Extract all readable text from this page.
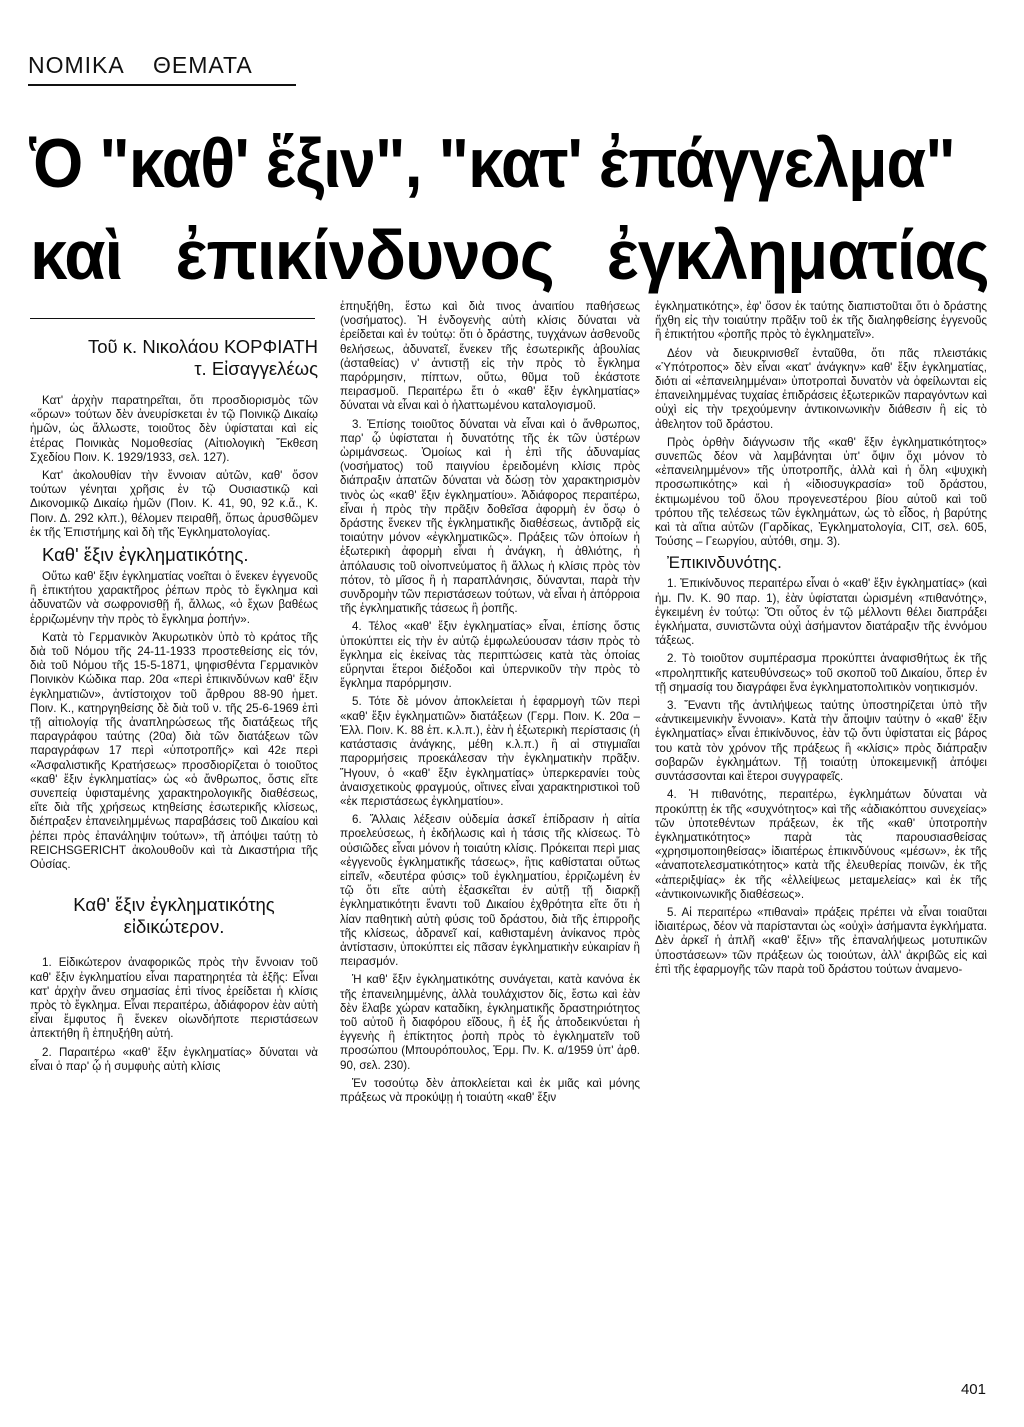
ΝΟΜΙΚΑ    ΘΕΜΑΤΑ
Ὁ "καθ' ἕξιν", "κατ' ἐπάγγελμα"
καὶ   ἐπικίνδυνος   ἐγκληματίας
Τοῦ κ. Νικολάου ΚΟΡΦΙΑΤΗ
τ. Εἰσαγγελέως

Κατ' ἀρχὴν παρατηρεῖται, ὅτι προσδιορισμὸς τῶν «ὅρων» τούτων δὲν ἀνευρίσκεται ἐν τῷ Ποινικῷ Δικαίῳ ἡμῶν, ὡς ἄλλωστε, τοιοῦτος δὲν ὑφίσταται καὶ εἰς ἑτέρας Ποινικὰς Νομοθεσίας (Αἰτιολογικὴ Ἔκθεση Σχεδίου Ποιν. Κ. 1929/1933, σελ. 127).

Κατ' ἀκολουθίαν τὴν ἔννοιαν αὐτῶν, καθ' ὅσον τούτων γένηται χρῆσις ἐν τῷ Ουσιαστικῷ καὶ Δικονομικῷ Δικαίῳ ἡμῶν (Ποιν. Κ. 41, 90, 92 κ.ἄ., Κ. Ποιν. Δ. 292 κλπ.), θέλομεν πειραθῆ, ὅπως ἀρυσθῶμεν ἐκ τῆς Ἐπιστήμης καὶ δὴ τῆς Ἐγκληματολογίας.

Καθ' ἕξιν ἐγκληματικότης.

Οὕτω καθ' ἕξιν ἐγκληματίας νοεῖται ὁ ἕνεκεν ἐγγενοῦς ἢ ἐπικτήτου χαρακτῆρος ῥέπων πρὸς τὸ ἔγκλημα καὶ ἀδυνατῶν νὰ σωφρονισθῇ ἤ, ἄλλως, «ὁ ἔχων βαθέως ἐρριζωμένην τὴν πρὸς τὸ ἔγκλημα ῥοπήν».

Κατὰ τὸ Γερμανικὸν Ἀκυρωτικὸν ὑπὸ τὸ κράτος τῆς διὰ τοῦ Νόμου τῆς 24-11-1933 προστεθείσης εἰς τόν, διὰ τοῦ Νόμου τῆς 15-5-1871, ψηφισθέντα Γερμανικὸν Ποινικὸν Κώδικα παρ. 20α «περὶ ἐπικινδύνων καθ' ἕξιν ἐγκληματιῶν», ἀντίστοιχον τοῦ ἄρθρου 88-90 ἡμετ. Ποιν. Κ., κατηργηθείσης δὲ διὰ τοῦ ν. τῆς 25-6-1969 ἐπὶ τῇ αἰτιολογίᾳ τῆς ἀναπληρώσεως τῆς διατάξεως τῆς παραγράφου ταύτης (20α) διὰ τῶν διατάξεων τῶν παραγράφων 17 περὶ «ὑποτροπῆς» καὶ 42ε περὶ «Ἀσφαλιστικῆς Κρατήσεως» προσδιορίζεται ὁ τοιοῦτος «καθ' ἕξιν ἐγκληματίας» ὡς «ὁ ἄνθρωπος, ὅστις εἴτε συνεπείᾳ ὑφισταμένης χαρακτηρολογικῆς διαθέσεως, εἴτε διὰ τῆς χρήσεως κτηθείσης ἐσωτερικῆς κλίσεως, διέπραξεν ἐπανειλημμένως παραβάσεις τοῦ Δικαίου καὶ ῥέπει πρὸς ἐπανάληψιν τούτων», τῆ ἀπόψει ταύτῃ τὸ REICHSGERICHT ἀκολουθοῦν καὶ τὰ Δικαστήρια τῆς Οὐσίας.

Καθ' ἕξιν ἐγκληματικότης
εἰδικώτερον.

1. Εἰδικώτερον ἀναφορικῶς πρὸς τὴν ἔννοιαν τοῦ καθ' ἕξιν ἐγκληματίου εἶναι παρατηρητέα τὰ ἑξῆς: Εἶναι κατ' ἀρχὴν ἄνευ σημασίας ἐπὶ τίνος ἐρείδεται ἡ κλίσις πρὸς τὸ ἔγκλημα. Εἶναι περαιτέρω, ἀδιάφορον ἐὰν αὐτὴ εἶναι ἔμφυτος ἢ ἕνεκεν οἰωνδήποτε περιστάσεων ἀπεκτήθη ἢ ἐπηυξήθη αὐτή.

2. Παραιτέρω «καθ' ἕξιν ἐγκληματίας» δύναται νὰ εἶναι ὁ παρ' ᾧ ἡ συμφυὴς αὐτὴ κλίσις

ἐπηυξήθη, ἔστω καὶ διὰ τινος ἀναιτίου παθήσεως (νοσήματος). Ἡ ἐνδογενὴς αὐτὴ κλίσις δύναται νὰ ἐρείδεται καὶ ἐν τούτῳ: ὅτι ὁ δράστης, τυγχάνων ἀσθενοῦς θελήσεως, ἀδυνατεῖ, ἕνεκεν τῆς ἐσωτερικῆς ἀβουλίας (ἀσταθείας) ν' ἀντιστῇ εἰς τὴν πρὸς τὸ ἔγκλημα παρόρμησιν, πίπτων, οὕτω, θῦμα τοῦ ἑκάστοτε πειρασμοῦ. Περαιτέρω ἔτι ὁ «καθ' ἕξιν ἐγκληματίας» δύναται νὰ εἶναι καὶ ὁ ἡλαττωμένου καταλογισμοῦ.

3. Ἐπίσης τοιοῦτος δύναται νὰ εἶναι καὶ ὁ ἄνθρωπος, παρ' ᾧ ὑφίσταται ἡ δυνατότης τῆς ἐκ τῶν ὑστέρων ὡριμάνσεως. Ὁμοίως καὶ ἡ ἐπὶ τῆς ἀδυναμίας (νοσήματος) τοῦ παιγνίου ἐρειδομένη κλίσις πρὸς διάπραξιν ἀπατῶν δύναται νὰ δώσῃ τὸν χαρακτηρισμὸν τινὸς ὡς «καθ' ἕξιν ἐγκληματίου». Ἀδιάφορος περαιτέρω, εἶναι ἡ πρὸς τὴν πρᾶξιν δοθεῖσα ἀφορμὴ ἐν ὅσῳ ὁ δράστης ἕνεκεν τῆς ἐγκληματικῆς διαθέσεως, ἀντιδρᾷ εἰς τοιαύτην μόνον «ἐγκληματικῶς». Πράξεις τῶν ὁποίων ἡ ἐξωτερικὴ ἀφορμὴ εἶναι ἡ ἀνάγκη, ἡ ἀθλιότης, ἡ ἀπόλαυσις τοῦ οἰνοπνεύματος ἢ ἄλλως ἡ κλίσις πρὸς τὸν πότον, τὸ μῖσος ἢ ἡ παραπλάνησις, δύνανται, παρὰ τὴν συνδρομὴν τῶν περιστάσεων τούτων, νὰ εἶναι ἡ ἀπόρροια τῆς ἐγκληματικῆς τάσεως ἢ ῥοπῆς.

4. Τέλος «καθ' ἕξιν ἐγκληματίας» εἶναι, ἐπίσης ὅστις ὑποκύπτει εἰς τὴν ἐν αὐτῷ ἐμφωλεύουσαν τάσιν πρὸς τὸ ἔγκλημα εἰς ἐκείνας τὰς περιπτώσεις κατὰ τὰς ὁποίας εὕρηνται ἕτεροι διέξοδοι καὶ ὑπερνικοῦν τὴν πρὸς τὸ ἔγκλημα παρόρμησιν.

5. Τότε δὲ μόνον ἀποκλείεται ἡ ἐφαρμογὴ τῶν περὶ «καθ' ἕξιν ἐγκληματιῶν» διατάξεων (Γερμ. Ποιν. Κ. 20α – Ἑλλ. Ποιν. Κ. 88 ἐπ. κ.λ.π.), ἐὰν ἡ ἐξωτερικὴ περίστασις (ἡ κατάστασις ἀνάγκης, μέθη κ.λ.π.) ἢ αἱ στιγμιαῖαι παρορμήσεις προεκάλεσαν τὴν ἐγκληματικὴν πρᾶξιν. Ἤγουν, ὁ «καθ' ἕξιν ἐγκληματίας» ὑπερκερανίει τοὺς ἀναισχετικοὺς φραγμούς, οἵτινες εἶναι χαρακτηριστικοὶ τοῦ «ἐκ περιστάσεως ἐγκληματίου».

6. Ἄλλαις λέξεσιν οὐδεμία ἀσκεῖ ἐπίδρασιν ἡ αἰτία προελεύσεως, ἡ ἐκδήλωσις καὶ ἡ τάσις τῆς κλίσεως. Τὸ οὐσιῶδες εἶναι μόνον ἡ τοιαύτη κλίσις. Πρόκειται περὶ μιας «ἐγγενοῦς ἐγκληματικῆς τάσεως», ἣτις καθίσταται οὕτως εἰπεῖν, «δευτέρα φύσις» τοῦ ἐγκληματίου, ἐρριζωμένη ἐν τῷ ὅτι εἴτε αὐτὴ ἐξασκεῖται ἐν αὐτῇ τῇ διαρκῇ ἐγκληματικότητι ἔναντι τοῦ Δικαίου ἐχθρότητα εἴτε ὅτι ἡ λίαν παθητικὴ αὐτὴ φύσις τοῦ δράστου, διὰ τῆς ἐπιρροῆς τῆς κλίσεως, ἀδρανεῖ καί, καθισταμένη ἀνίκανος πρὸς ἀντίστασιν, ὑποκύπτει εἰς πᾶσαν ἐγκληματικὴν εὐκαιρίαν ἢ πειρασμόν.

Ἡ καθ' ἕξιν ἐγκληματικότης συνάγεται, κατὰ κανόνα ἐκ τῆς ἐπανειλημμένης, ἀλλὰ τουλάχιστον δίς, ἔστω καὶ ἐὰν δὲν ἔλαβε χώραν καταδίκη, ἐγκληματικῆς δραστηριότητος τοῦ αὐτοῦ ἢ διαφόρου εἴδους, ἢ ἐξ ἧς ἀποδεικνύεται ἡ ἐγγενὴς ἢ ἐπίκτητος ῥοπὴ πρὸς τὸ ἐγκληματεῖν τοῦ προσώπου (Μπουρόπουλος, Ἑρμ. Πν. Κ. α/1959 ὑπ' ἀρθ. 90, σελ. 230).

Ἐν τοσούτῳ δὲν ἀποκλείεται καὶ ἐκ μιᾶς καὶ μόνης πράξεως νὰ προκύψῃ ἡ τοιαύτη «καθ' ἕξιν

ἐγκληματικότης», ἐφ' ὅσον ἐκ ταύτης διαπιστοῦται ὅτι ὁ δράστης ἤχθη εἰς τὴν τοιαύτην πρᾶξιν τοῦ ἐκ τῆς διαληφθείσης ἐγγενοῦς ἢ ἐπικτήτου «ῥοπῆς πρὸς τὸ ἐγκληματεῖν».

Δέον νὰ διευκρινισθεῖ ἐνταῦθα, ὅτι πᾶς πλειστάκις «Ὑπότροπος» δὲν εἶναι «κατ' ἀνάγκην» καθ' ἕξιν ἐγκληματίας, διότι αἱ «ἐπανειλημμέναι» ὑποτροπαὶ δυνατὸν νὰ ὀφείλωνται εἰς ἐπανειλημμένας τυχαίας ἐπιδράσεις ἐξωτερικῶν παραγόντων καὶ οὐχὶ εἰς τὴν τρεχούμενην ἀντικοινωνικὴν διάθεσιν ἢ εἰς τὸ ἀθελητον τοῦ δράστου.

Πρὸς ὀρθὴν διάγνωσιν τῆς «καθ' ἕξιν ἐγκληματικότητος» συνεπῶς δέον νὰ λαμβάνηται ὑπ' ὄψιν ὄχι μόνον τὸ «ἐπανειλημμένον» τῆς ὑποτροπῆς, ἀλλὰ καὶ ἡ ὅλη «ψυχικὴ προσωπικότης» καὶ ἡ «ἰδιοσυγκρασία» τοῦ δράστου, ἐκτιμωμένου τοῦ ὅλου προγενεστέρου βίου αὐτοῦ καὶ τοῦ τρόπου τῆς τελέσεως τῶν ἐγκλημάτων, ὡς τὸ εἶδος, ἡ βαρύτης καὶ τὰ αἴτια αὐτῶν (Γαρδίκας, Ἐγκληματολογία, CIT, σελ. 605, Τούσης – Γεωργίου, αὐτόθι, σημ. 3).

Ἐπικινδυνότης.

1. Ἐπικίνδυνος περαιτέρω εἶναι ὁ «καθ' ἕξιν ἐγκληματίας» (καὶ ἠμ. Πν. Κ. 90 παρ. 1), ἐὰν ὑφίσταται ὡρισμένη «πιθανότης», ἐγκειμένη ἐν τούτῳ: Ὅτι οὗτος ἐν τῷ μέλλοντι θέλει διαπράξει ἐγκλήματα, συνιστῶντα οὐχὶ ἀσήμαντον διατάραξιν τῆς ἐννόμου τάξεως.

2. Τὸ τοιοῦτον συμπέρασμα προκύπτει ἀναφισθήτως ἐκ τῆς «προληπτικῆς κατευθύνσεως» τοῦ σκοποῦ τοῦ Δικαίου, ὅπερ ἐν τῇ σημασίᾳ του διαγράφει ἕνα ἐγκληματοπολιτικὸν νοητικισμόν.

3. Ἔναντι τῆς ἀντιλήψεως ταύτης ὑποστηρίζεται ὑπὸ τῆν «ἀντικειμενικὴν ἔννοιαν». Κατὰ τὴν ἄποψιν ταύτην ὁ «καθ' ἕξιν ἐγκληματίας» εἶναι ἐπικίνδυνος, ἐὰν τῷ ὄντι ὑφίσταται εἰς βάρος του κατὰ τὸν χρόνον τῆς πράξεως ἢ «κλίσις» πρὸς διάπραξιν σοβαρῶν ἐγκλημάτων. Τῇ τοιαύτῃ ὑποκειμενικῇ ἀπόψει συντάσσονται καὶ ἕτεροι συγγραφεῖς.

4. Ἡ πιθανότης, περαιτέρω, ἐγκλημάτων δύναται νὰ προκύπτῃ ἐκ τῆς «συχνότητος» καὶ τῆς «ἀδιακόπτου συνεχείας» τῶν ὑποτεθέντων πράξεων, ἐκ τῆς «καθ' ὑποτροπὴν ἐγκληματικότητος» παρὰ τὰς παρουσιασθείσας «χρησιμοποιηθείσας» ἰδιαιτέρως ἐπικινδύνους «μέσων», ἐκ τῆς «ἀναποτελεσματικότητος» κατὰ τῆς ἐλευθερίας ποινῶν, ἐκ τῆς «ἀπεριξψίας» ἐκ τῆς «ἐλλείψεως μεταμελείας» καὶ ἐκ τῆς «ἀντικοινωνικῆς διαθέσεως».

5. Αἱ περαιτέρω «πιθαναὶ» πράξεις πρέπει νὰ εἶναι τοιαῦται ἰδιαιτέρως, δέον νὰ παρίστανται ὡς «οὐχὶ» ἀσήμαντα ἐγκλήματα. Δὲν ἀρκεῖ ἡ ἀπλῆ «καθ' ἕξιν» τῆς ἐπαναλήψεως μοτυπικῶν ὑποστάσεων» τῶν πράξεων ὡς τοιούτων, ἀλλ' ἀκριβῶς εἰς καὶ ἐπὶ τῆς ἐφαρμογῆς τῶν παρὰ τοῦ δράστου τούτων ἀναμενο-

401
